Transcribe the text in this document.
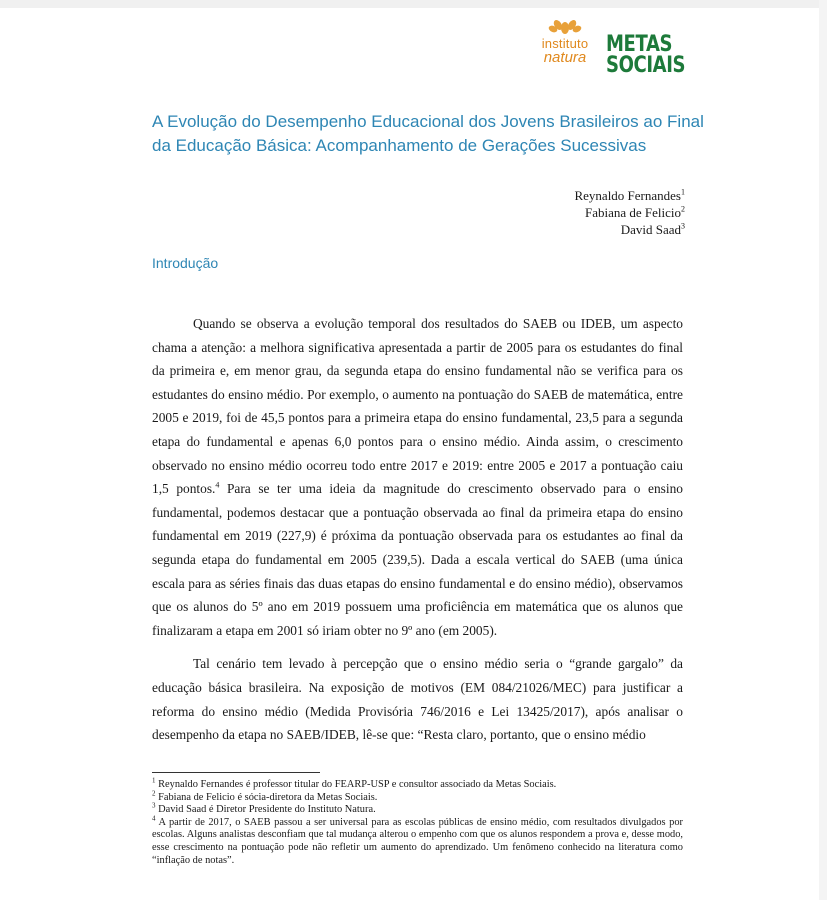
instituto
natura
METAS
SOCIAIS
A Evolução do Desempenho Educacional dos Jovens Brasileiros ao Final da Educação Básica: Acompanhamento de Gerações Sucessivas
Reynaldo Fernandes$^1$
Fabiana de Felicio$^2$
David Saad$^3$
Introdução

Quando se observa a evolução temporal dos resultados do SAEB ou IDEB, um aspecto chama a atenção: a melhora significativa apresentada a partir de 2005 para os estudantes do final da primeira e, em menor grau, da segunda etapa do ensino fundamental não se verifica para os estudantes do ensino médio. Por exemplo, o aumento na pontuação do SAEB de matemática, entre 2005 e 2019, foi de 45,5 pontos para a primeira etapa do ensino fundamental, 23,5 para a segunda etapa do fundamental e apenas 6,0 pontos para o ensino médio. Ainda assim, o crescimento observado no ensino médio ocorreu todo entre 2017 e 2019: entre 2005 e 2017 a pontuação caiu 1,5 pontos.$^4$ Para se ter uma ideia da magnitude do crescimento observado para o ensino fundamental, podemos destacar que a pontuação observada ao final da primeira etapa do ensino fundamental em 2019 (227,9) é próxima da pontuação observada para os estudantes ao final da segunda etapa do fundamental em 2005 (239,5). Dada a escala vertical do SAEB (uma única escala para as séries finais das duas etapas do ensino fundamental e do ensino médio), observamos que os alunos do 5º ano em 2019 possuem uma proficiência em matemática que os alunos que finalizaram a etapa em 2001 só iriam obter no 9º ano (em 2005).

Tal cenário tem levado à percepção que o ensino médio seria o “grande gargalo” da educação básica brasileira. Na exposição de motivos (EM 084/21026/MEC) para justificar a reforma do ensino médio (Medida Provisória 746/2016 e Lei 13425/2017), após analisar o desempenho da etapa no SAEB/IDEB, lê-se que: “Resta claro, portanto, que o ensino médio

$^1$ Reynaldo Fernandes é professor titular do FEARP-USP e consultor associado da Metas Sociais.
$^2$ Fabiana de Felicio é sócia-diretora da Metas Sociais.
$^3$ David Saad é Diretor Presidente do Instituto Natura.
$^4$ A partir de 2017, o SAEB passou a ser universal para as escolas públicas de ensino médio, com resultados divulgados por escolas. Alguns analistas desconfiam que tal mudança alterou o empenho com que os alunos respondem a prova e, desse modo, esse crescimento na pontuação pode não refletir um aumento do aprendizado. Um fenômeno conhecido na literatura como “inflação de notas”.
